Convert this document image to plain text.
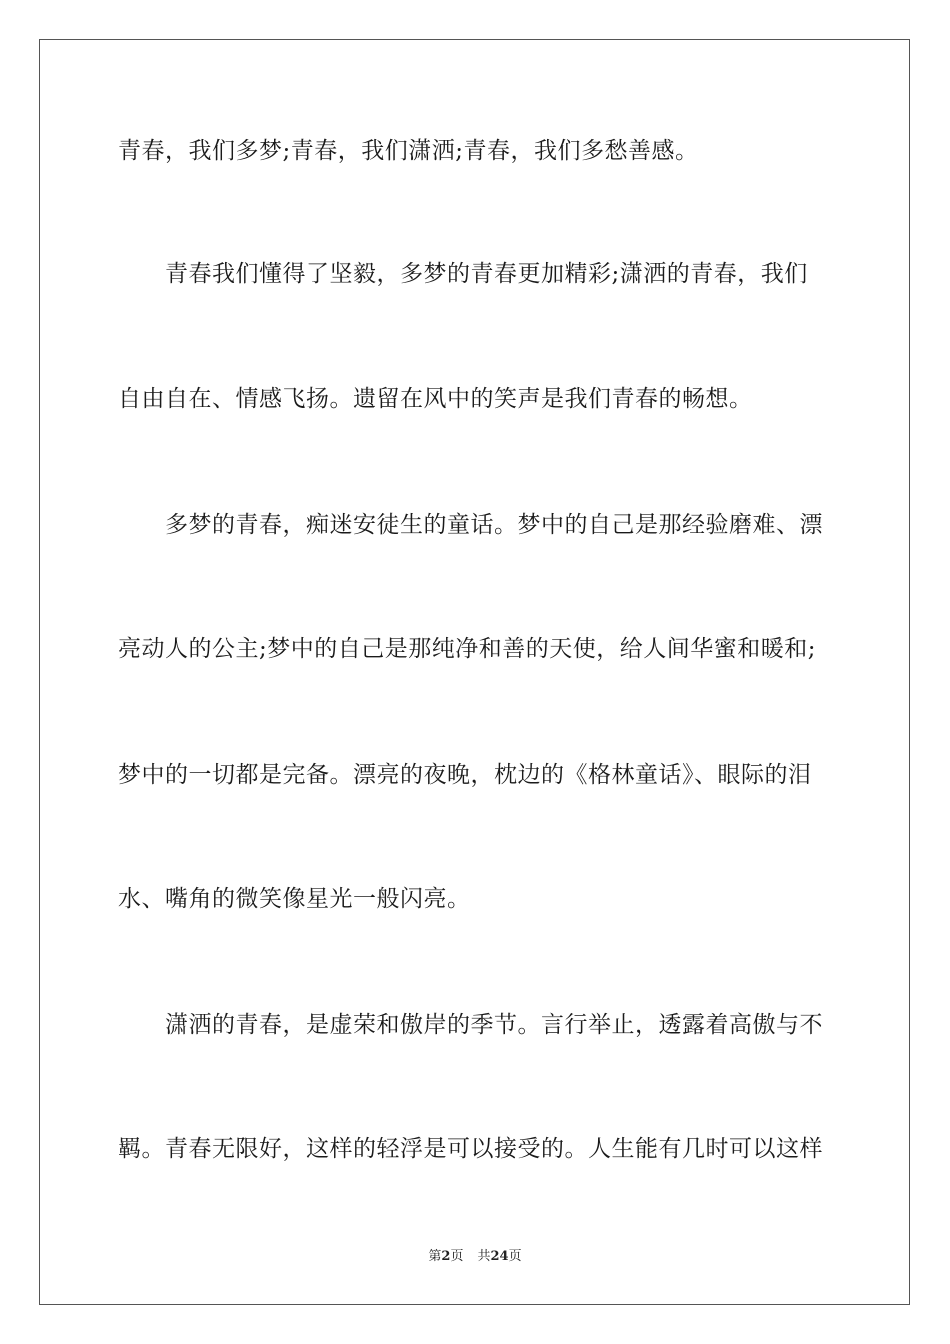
青春，我们多梦;青春，我们潇洒;青春，我们多愁善感。
青春我们懂得了坚毅，多梦的青春更加精彩;潇洒的青春，我们
自由自在、情感飞扬。遗留在风中的笑声是我们青春的畅想。
多梦的青春，痴迷安徒生的童话。梦中的自己是那经验磨难、漂
亮动人的公主;梦中的自己是那纯净和善的天使，给人间华蜜和暖和;
梦中的一切都是完备。漂亮的夜晚，枕边的《格林童话》、眼际的泪
水、嘴角的微笑像星光一般闪亮。
潇洒的青春，是虚荣和傲岸的季节。言行举止，透露着高傲与不
羁。青春无限好，这样的轻浮是可以接受的。人生能有几时可以这样
第2页 共24页
